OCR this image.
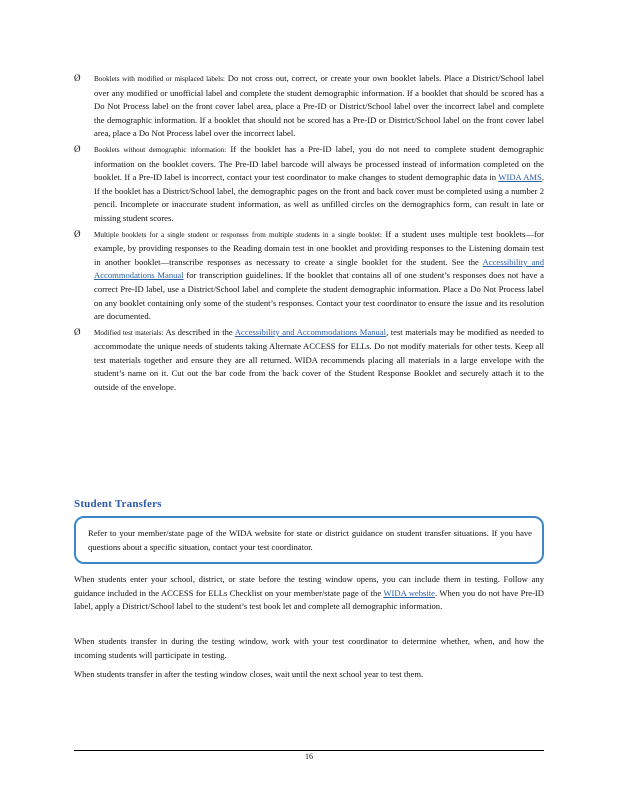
Ø	Booklets with modified or misplaced labels: Do not cross out, correct, or create your own booklet labels. Place a District/School label over any modified or unofficial label and complete the student demographic information. If a booklet that should be scored has a Do Not Process label on the front cover label area, place a Pre-ID or District/School label over the incorrect label and complete the demographic information. If a booklet that should not be scored has a Pre-ID or District/School label on the front cover label area, place a Do Not Process label over the incorrect label.
Ø	Booklets without demographic information: If the booklet has a Pre-ID label, you do not need to complete student demographic information on the booklet covers. The Pre-ID label barcode will always be processed instead of information completed on the booklet. If a Pre-ID label is incorrect, contact your test coordinator to make changes to student demographic data in WIDA AMS. If the booklet has a District/School label, the demographic pages on the front and back cover must be completed using a number 2 pencil. Incomplete or inaccurate student information, as well as unfilled circles on the demographics form, can result in late or missing student scores.
Ø	Multiple booklets for a single student or responses from multiple students in a single booklet: If a student uses multiple test booklets—for example, by providing responses to the Reading domain test in one booklet and providing responses to the Listening domain test in another booklet—transcribe responses as necessary to create a single booklet for the student. See the Accessibility and Accommodations Manual for transcription guidelines. If the booklet that contains all of one student’s responses does not have a correct Pre-ID label, use a District/School label and complete the student demographic information. Place a Do Not Process label on any booklet containing only some of the student’s responses. Contact your test coordinator to ensure the issue and its resolution are documented.
Ø	Modified test materials: As described in the Accessibility and Accommodations Manual, test materials may be modified as needed to accommodate the unique needs of students taking Alternate ACCESS for ELLs. Do not modify materials for other tests. Keep all test materials together and ensure they are all returned. WIDA recommends placing all materials in a large envelope with the student’s name on it. Cut out the bar code from the back cover of the Student Response Booklet and securely attach it to the outside of the envelope.
Student Transfers
Refer to your member/state page of the WIDA website for state or district guidance on student transfer situations. If you have questions about a specific situation, contact your test coordinator.
When students enter your school, district, or state before the testing window opens, you can include them in testing. Follow any guidance included in the ACCESS for ELLs Checklist on your member/state page of the WIDA website. When you do not have Pre-ID label, apply a District/School label to the student’s test book let and complete all demographic information.
When students transfer in during the testing window, work with your test coordinator to determine whether, when, and how the incoming students will participate in testing.
When students transfer in after the testing window closes, wait until the next school year to test them.
16
